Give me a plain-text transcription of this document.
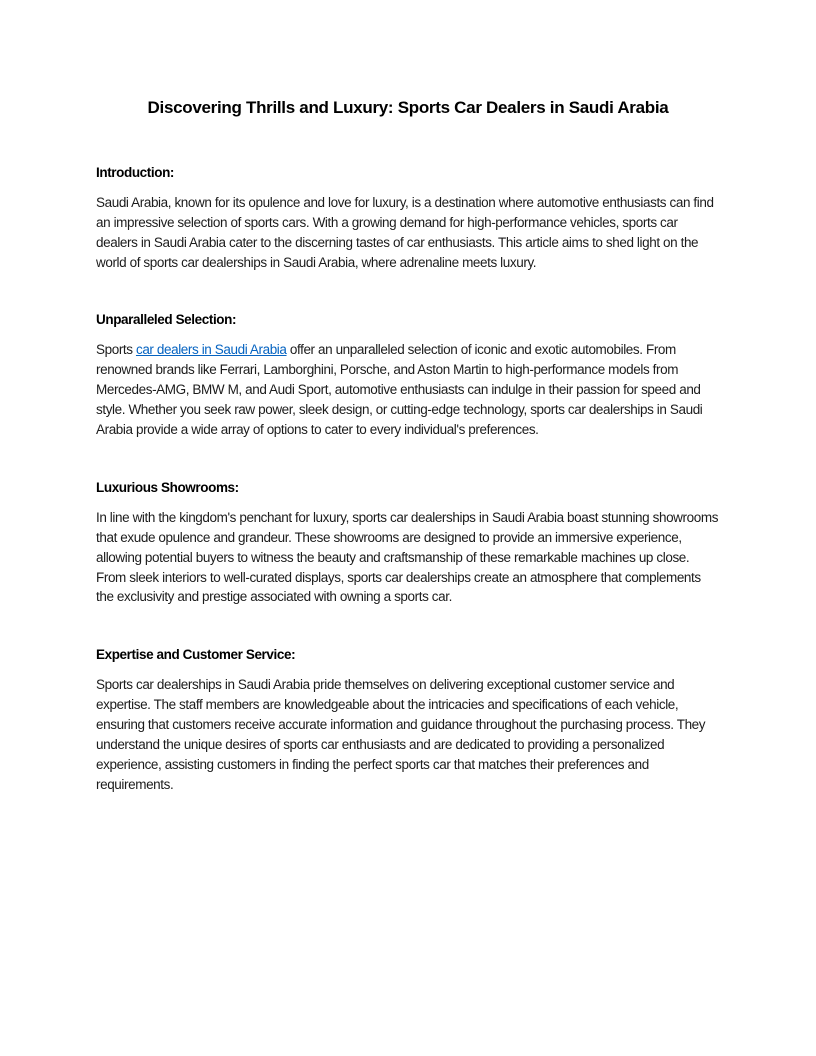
Discovering Thrills and Luxury: Sports Car Dealers in Saudi Arabia
Introduction:

Saudi Arabia, known for its opulence and love for luxury, is a destination where automotive enthusiasts can find an impressive selection of sports cars. With a growing demand for high-performance vehicles, sports car dealers in Saudi Arabia cater to the discerning tastes of car enthusiasts. This article aims to shed light on the world of sports car dealerships in Saudi Arabia, where adrenaline meets luxury.

Unparalleled Selection:

Sports car dealers in Saudi Arabia offer an unparalleled selection of iconic and exotic automobiles. From renowned brands like Ferrari, Lamborghini, Porsche, and Aston Martin to high-performance models from Mercedes-AMG, BMW M, and Audi Sport, automotive enthusiasts can indulge in their passion for speed and style. Whether you seek raw power, sleek design, or cutting-edge technology, sports car dealerships in Saudi Arabia provide a wide array of options to cater to every individual's preferences.

Luxurious Showrooms:

In line with the kingdom's penchant for luxury, sports car dealerships in Saudi Arabia boast stunning showrooms that exude opulence and grandeur. These showrooms are designed to provide an immersive experience, allowing potential buyers to witness the beauty and craftsmanship of these remarkable machines up close. From sleek interiors to well-curated displays, sports car dealerships create an atmosphere that complements the exclusivity and prestige associated with owning a sports car.

Expertise and Customer Service:

Sports car dealerships in Saudi Arabia pride themselves on delivering exceptional customer service and expertise. The staff members are knowledgeable about the intricacies and specifications of each vehicle, ensuring that customers receive accurate information and guidance throughout the purchasing process. They understand the unique desires of sports car enthusiasts and are dedicated to providing a personalized experience, assisting customers in finding the perfect sports car that matches their preferences and requirements.
